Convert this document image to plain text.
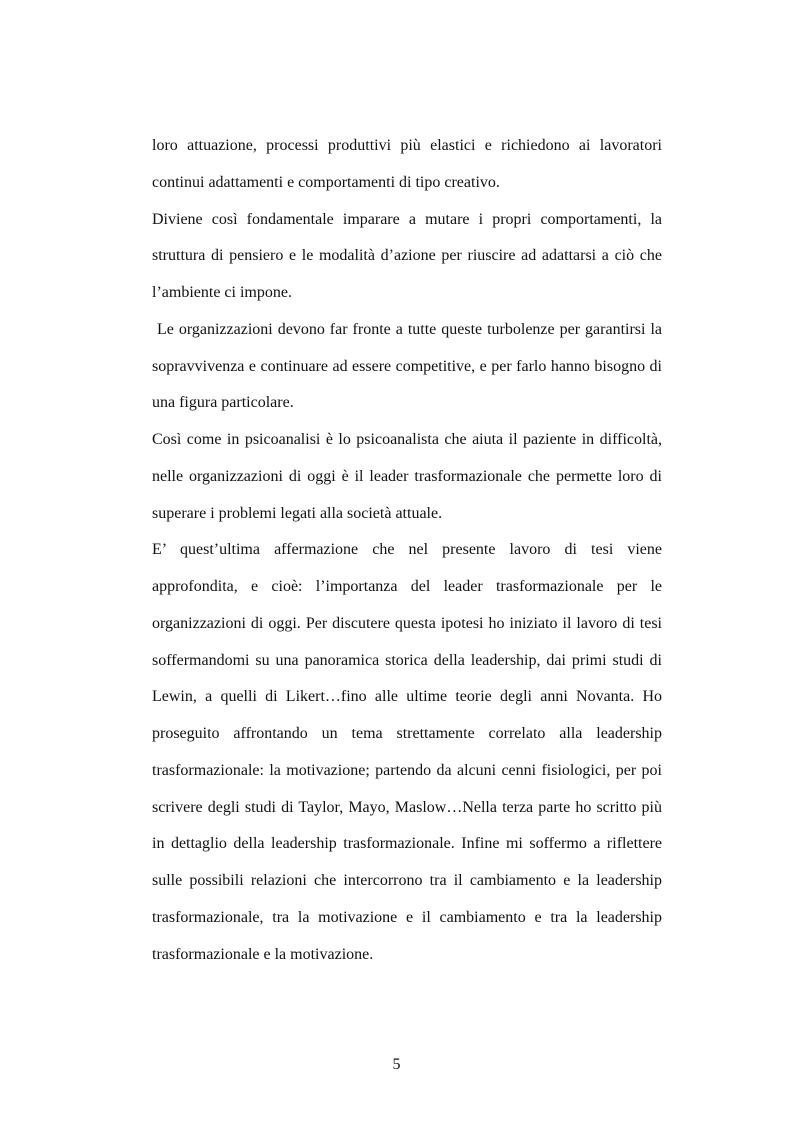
loro attuazione, processi produttivi più elastici e richiedono ai lavoratori
continui adattamenti e comportamenti di tipo creativo.
Diviene così fondamentale imparare a mutare i propri comportamenti, la
struttura di pensiero e le modalità d’azione per riuscire ad adattarsi a ciò che
l’ambiente ci impone.
Le organizzazioni devono far fronte a tutte queste turbolenze per garantirsi la
sopravvivenza e continuare ad essere competitive, e per farlo hanno bisogno di
una figura particolare.
Così come in psicoanalisi è lo psicoanalista che aiuta il paziente in difficoltà,
nelle organizzazioni di oggi è il leader trasformazionale che permette loro di
superare i problemi legati alla società attuale.
E’ quest’ultima affermazione che nel presente lavoro di tesi viene
approfondita, e cioè: l’importanza del leader trasformazionale per le
organizzazioni di oggi. Per discutere questa ipotesi ho iniziato il lavoro di tesi
soffermandomi su una panoramica storica della leadership, dai primi studi di
Lewin, a quelli di Likert…fino alle ultime teorie degli anni Novanta. Ho
proseguito affrontando un tema strettamente correlato alla leadership
trasformazionale: la motivazione; partendo da alcuni cenni fisiologici, per poi
scrivere degli studi di Taylor, Mayo, Maslow…Nella terza parte ho scritto più
in dettaglio della leadership trasformazionale. Infine mi soffermo a riflettere
sulle possibili relazioni che intercorrono tra il cambiamento e la leadership
trasformazionale, tra la motivazione e il cambiamento e tra la leadership
trasformazionale e la motivazione.
5
